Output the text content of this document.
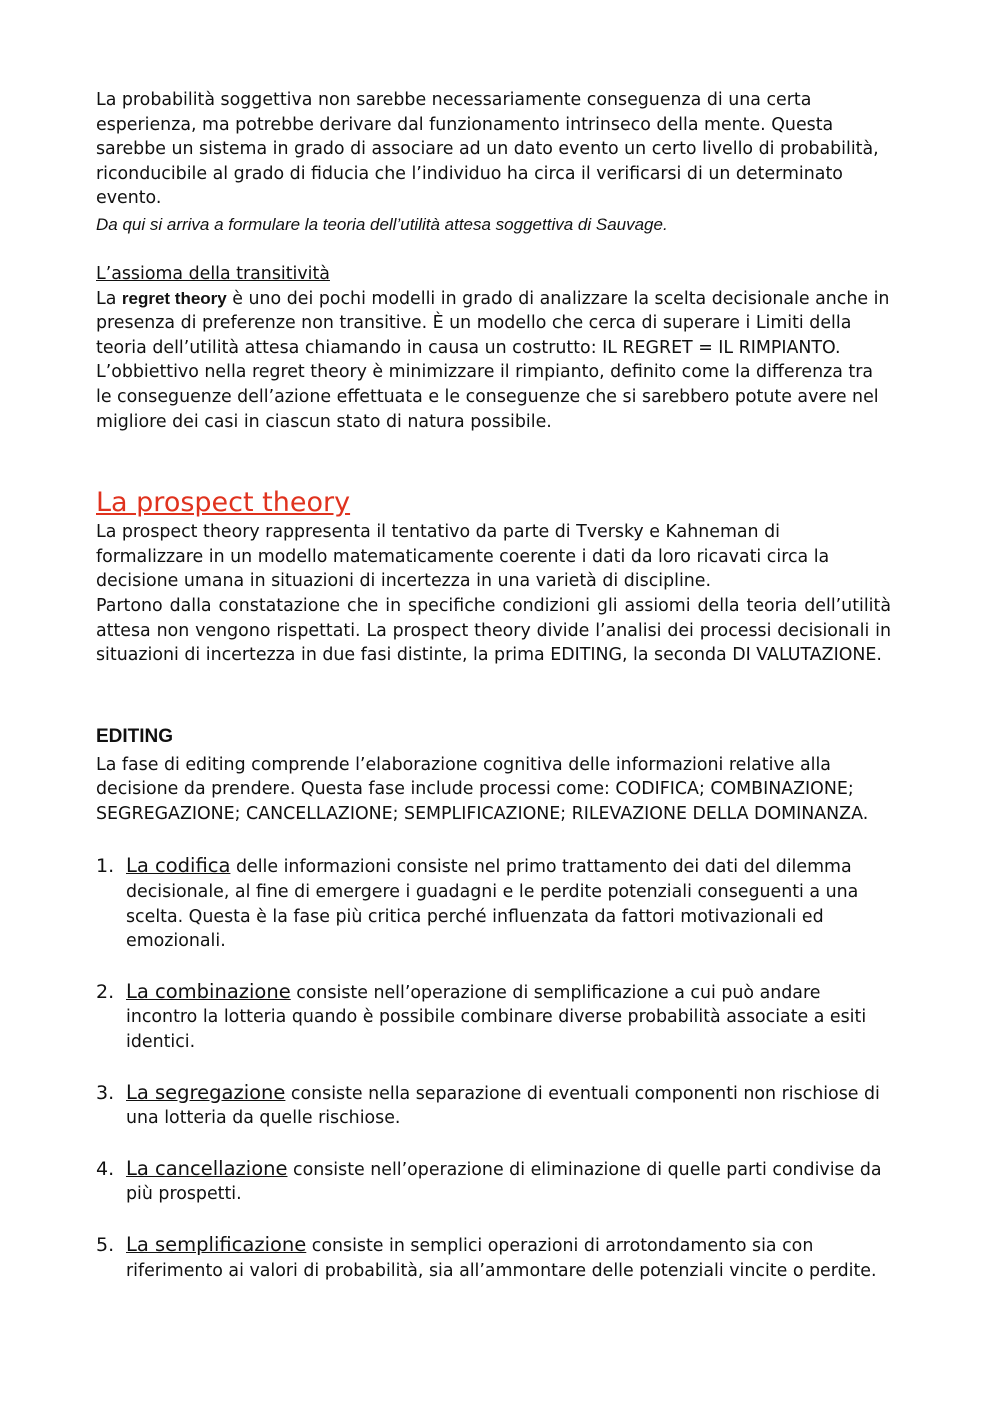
La probabilità soggettiva non sarebbe necessariamente conseguenza di una certa esperienza, ma potrebbe derivare dal funzionamento intrinseco della mente. Questa sarebbe un sistema in grado di associare ad un dato evento un certo livello di probabilità, riconducibile al grado di fiducia che l’individuo ha circa il verificarsi di un determinato evento.

Da qui si arriva a formulare la teoria dell’utilità attesa soggettiva di Sauvage.

L’assioma della transitività

La regret theory è uno dei pochi modelli in grado di analizzare la scelta decisionale anche in presenza di preferenze non transitive. È un modello che cerca di superare i Limiti della teoria dell’utilità attesa chiamando in causa un costrutto: IL REGRET = IL RIMPIANTO.

L’obbiettivo nella regret theory è minimizzare il rimpianto, definito come la differenza tra le conseguenze dell’azione effettuata e le conseguenze che si sarebbero potute avere nel migliore dei casi in ciascun stato di natura possibile.

La prospect theory

La prospect theory rappresenta il tentativo da parte di Tversky e Kahneman di formalizzare in un modello matematicamente coerente i dati da loro ricavati circa la decisione umana in situazioni di incertezza in una varietà di discipline.

Partono dalla constatazione che in specifiche condizioni gli assiomi della teoria dell’utilità attesa non vengono rispettati. La prospect theory divide l’analisi dei processi decisionali in situazioni di incertezza in due fasi distinte, la prima EDITING, la seconda DI VALUTAZIONE.

EDITING

La fase di editing comprende l’elaborazione cognitiva delle informazioni relative alla decisione da prendere. Questa fase include processi come: CODIFICA; COMBINAZIONE; SEGREGAZIONE; CANCELLAZIONE; SEMPLIFICAZIONE; RILEVAZIONE DELLA DOMINANZA.

1. La codifica delle informazioni consiste nel primo trattamento dei dati del dilemma decisionale, al fine di emergere i guadagni e le perdite potenziali conseguenti a una scelta. Questa è la fase più critica perché influenzata da fattori motivazionali ed emozionali.
2. La combinazione consiste nell’operazione di semplificazione a cui può andare incontro la lotteria quando è possibile combinare diverse probabilità associate a esiti identici.
3. La segregazione consiste nella separazione di eventuali componenti non rischiose di una lotteria da quelle rischiose.
4. La cancellazione consiste nell’operazione di eliminazione di quelle parti condivise da più prospetti.
5. La semplificazione consiste in semplici operazioni di arrotondamento sia con riferimento ai valori di probabilità, sia all’ammontare delle potenziali vincite o perdite.
